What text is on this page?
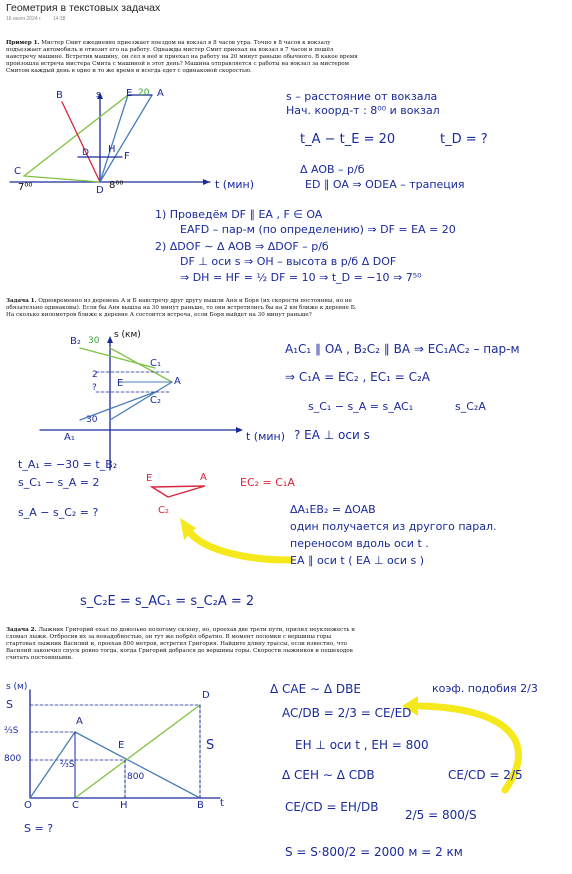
Геометрия в текстовых задачах
16 июля 2024 г. 14:38
Пример 1. Мистер Смит ежедневно приезжает поездом на вокзал в 8 часов утра. Точно в 8 часов к вокзалу подъезжает автомобиль и отвозит его на работу. Однажды мистер Смит приехал на вокзал в 7 часов и пошёл навстречу машине. Встретив машину, он сел в неё и приехал на работу на 20 минут раньше обычного. В какое время произошла встреча мистера Смита с машиной в этот день? Машина отправляется с работы на вокзал за мистером Смитом каждый день в одно и то же время и всегда едет с одинаковой скоростью.
Задача 1. Одновременно из деревень А и Б навстречу друг другу вышли Аня и Боря (их скорости постоянны, но не обязательно одинаковы). Если бы Аня вышла на 30 минут раньше, то они встретились бы на 2 км ближе к деревне Б. На сколько километров ближе к деревне А состоится встреча, если Боря выйдет на 30 минут раньше?
Задача 2. Лыжник Григорий ехал по довольно пологому склону, но, проехав две трети пути, прилил неуклюжесть и сломал лыжи. Отбросив их за ненадобностью, он тут же побрёл обратно. В момент поломки с вершины горы стартовал лыжник Василий и, проехав 800 метров, встретил Григория. Найдите длину трассы, если известно, что Василий закончил спуск ровно тогда, когда Григорий добрался до вершины горы. Скорости лыжников и пешеходов считать постоянными.
B	s	E 20 A
D H
F
C
7⁰⁰	D 8⁰⁰	t (мин)
s – расстояние от вокзала
Нач. коорд-т : 8⁰⁰ и вокзал
t_A − t_E = 20	t_D = ?
Δ AOB – р/б
ED ∥ OA ⇒ ODEA – трапеция
1) Проведём DF ∥ EA , F ∈ OA
EAFD – пар-м (по определению) ⇒ DF = EA = 20
2) ΔDOF ∼ Δ AOB ⇒ ΔDOF – р/б
DF ⊥ оси s ⇒ OH – высота в р/б Δ DOF
⇒ DH = HF = ½ DF = 10 ⇒ t_D = −10 ⇒ 7⁵⁰
B₂ 30
s (км)
C₁
2
E
?
A
C₂
A₁
30
t (мин)
A₁C₁ ∥ OA , B₂C₂ ∥ BA ⇒ EC₁AC₂ – пар-м
⇒ C₁A = EC₂ , EC₁ = C₂A
s_C₁ − s_A = s_AC₁	s_C₂A
? EA ⊥ оси s
t_A₁ = −30 = t_B₂
s_C₁ − s_A = 2
s_A − s_C₂ = ?
EC₂ = C₁A
ΔA₁EB₂ = ΔOAB
один получается из другого парал.
переносом вдоль оси t .
EA ∥ оси t ( EA ⊥ оси s )
s_C₂E = s_AC₁ = s_C₂A = 2
E	A
C₂
s (м)
D
S
A
⅔S
E
800
⅔S
800
S
C	H	B t
O
S = ?
Δ CAE ∼ Δ DBE	коэф. подобия 2/3
AC/DB = 2/3 = CE/ED
EH ⊥ оси t , EH = 800
Δ CEH ∼ Δ CDB	CE/CD = 2/5
CE/CD = EH/DB
2/5 = 800/S
S = S·800/2 = 2000 м = 2 км
